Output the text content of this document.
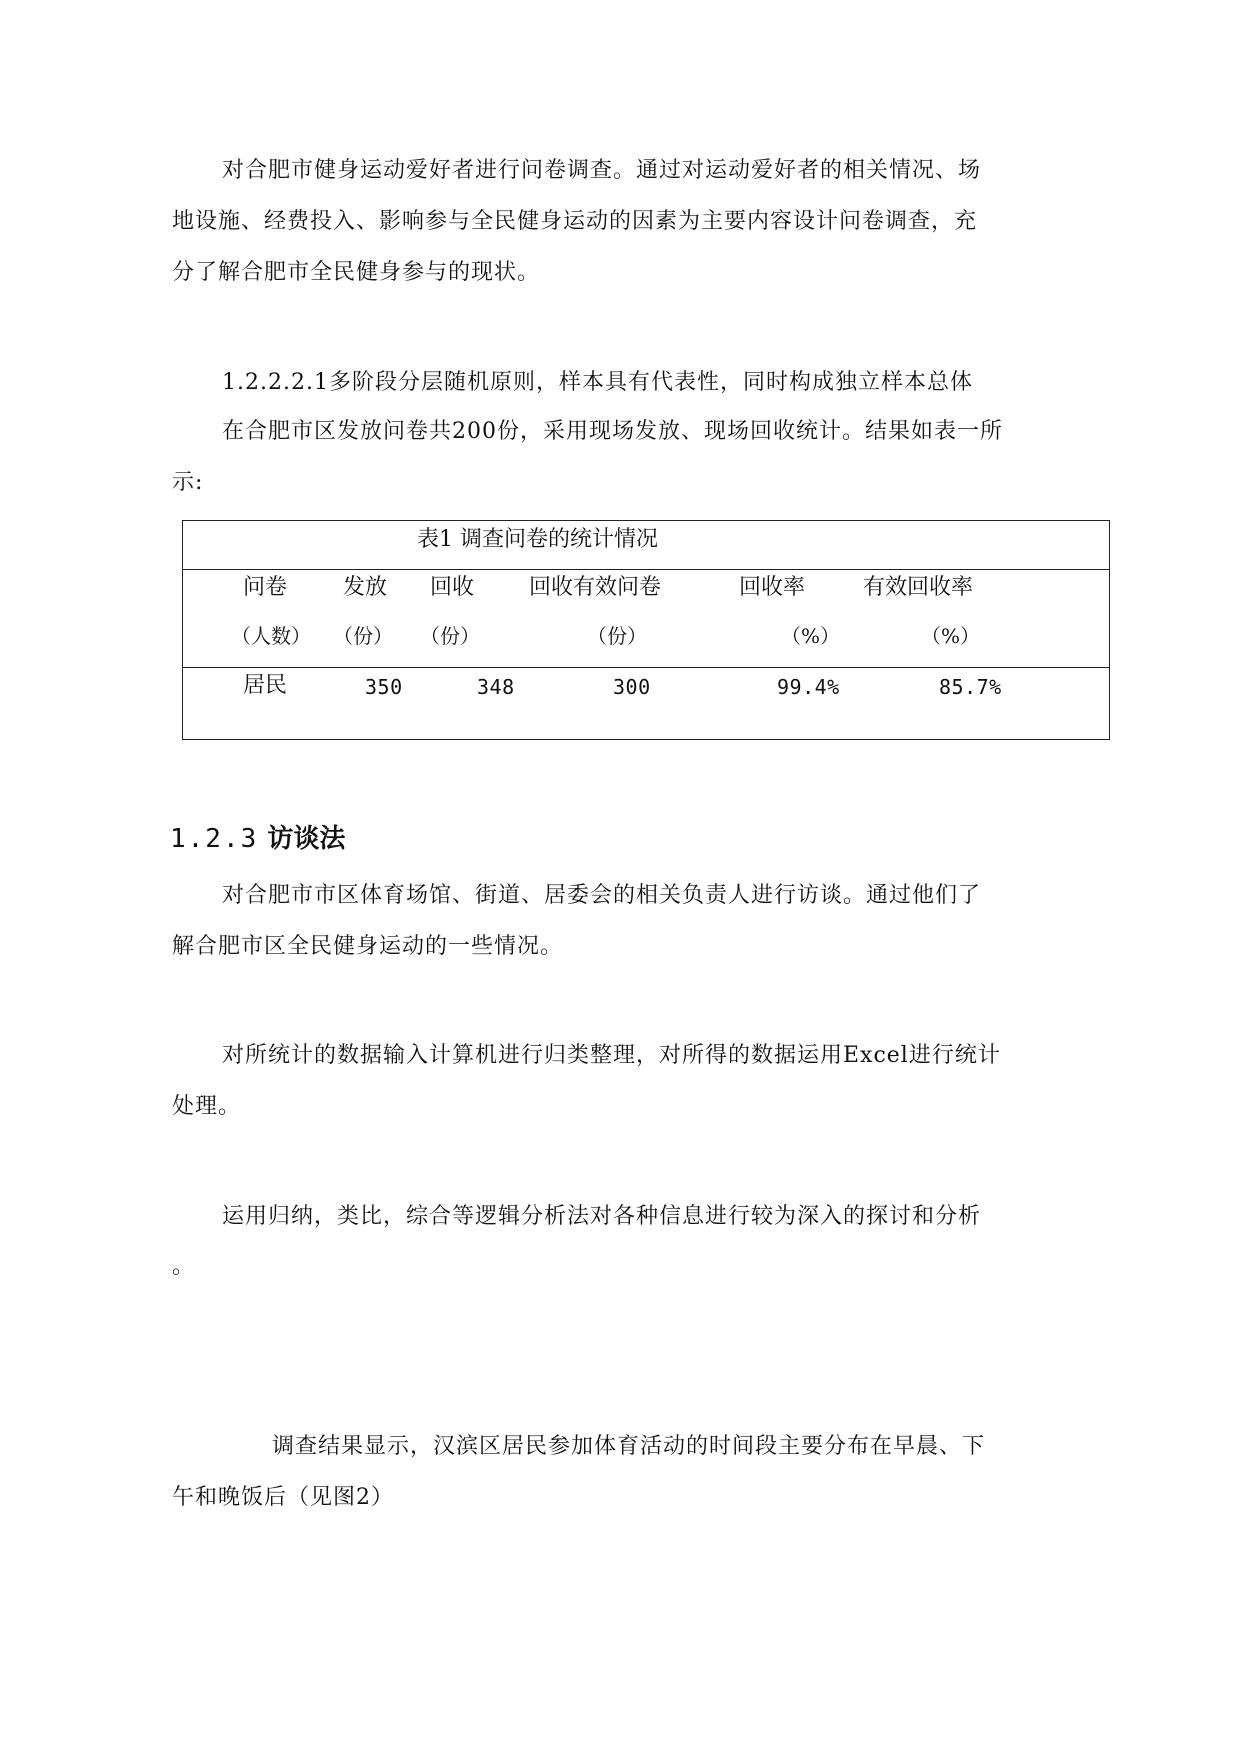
对合肥市健身运动爱好者进行问卷调查。通过对运动爱好者的相关情况、场
地设施、经费投入、影响参与全民健身运动的因素为主要内容设计问卷调查，充
分了解合肥市全民健身参与的现状。
1.2.2.2.1多阶段分层随机原则，样本具有代表性，同时构成独立样本总体
在合肥市区发放问卷共200份，采用现场发放、现场回收统计。结果如表一所
示:
表1 调查问卷的统计情况
问卷	发放 回收 回收有效问卷	回收率	有效回收率
（人数） （份） （份）	（份）	（%）	（%）
居民	350	348	300	99.4%	85.7%
1.2.3 访谈法
对合肥市市区体育场馆、街道、居委会的相关负责人进行访谈。通过他们了
解合肥市区全民健身运动的一些情况。
对所统计的数据输入计算机进行归类整理，对所得的数据运用Excel进行统计
处理。
运用归纳，类比，综合等逻辑分析法对各种信息进行较为深入的探讨和分析
。
调查结果显示，汉滨区居民参加体育活动的时间段主要分布在早晨、下
午和晚饭后（见图2）
